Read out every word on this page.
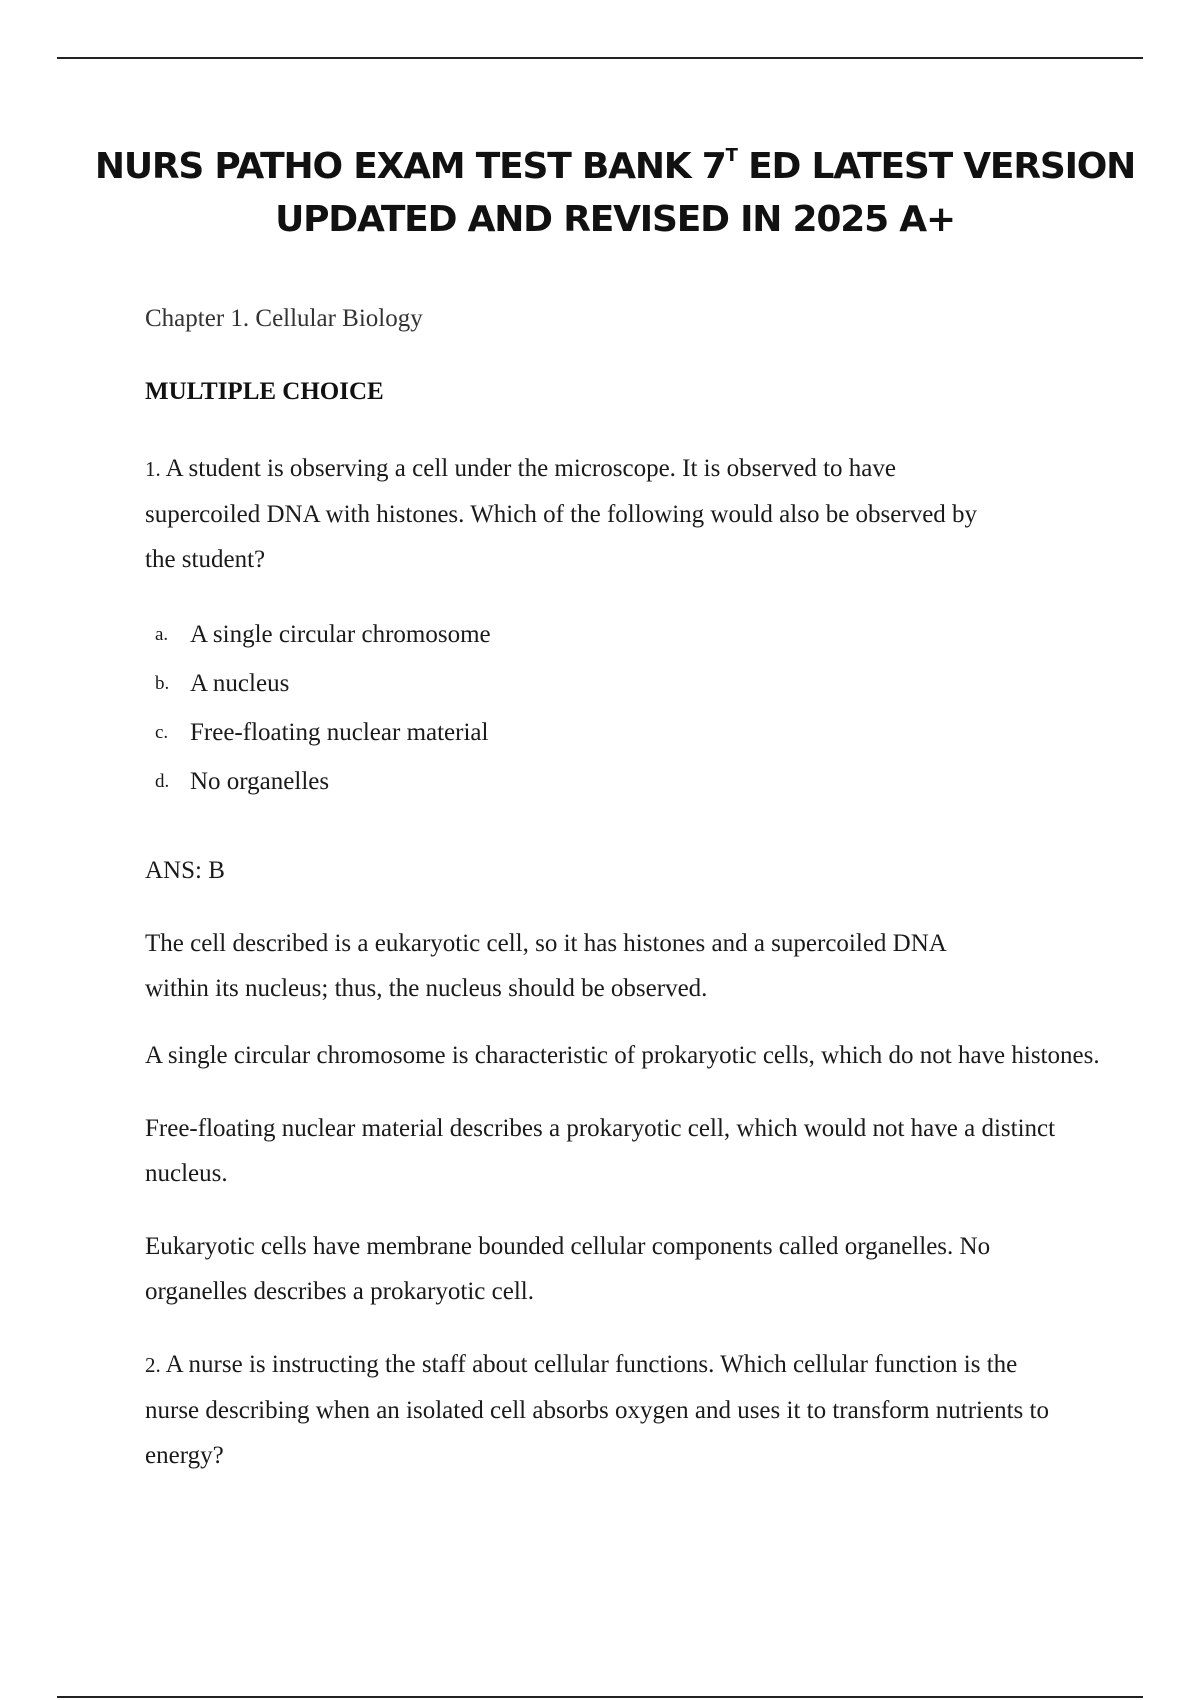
NURS PATHO EXAM TEST BANK $7^T$ ED LATEST VERSION UPDATED AND REVISED IN 2025 A+

Chapter 1. Cellular Biology

MULTIPLE CHOICE

1. A student is observing a cell under the microscope. It is observed to have supercoiled DNA with histones. Which of the following would also be observed by the student?

a. A single circular chromosome
b. A nucleus
c. Free-floating nuclear material
d. No organelles

ANS: B

The cell described is a eukaryotic cell, so it has histones and a supercoiled DNA within its nucleus; thus, the nucleus should be observed.

A single circular chromosome is characteristic of prokaryotic cells, which do not have histones.

Free-floating nuclear material describes a prokaryotic cell, which would not have a distinct nucleus.

Eukaryotic cells have membrane bounded cellular components called organelles. No organelles describes a prokaryotic cell.

2. A nurse is instructing the staff about cellular functions. Which cellular function is the nurse describing when an isolated cell absorbs oxygen and uses it to transform nutrients to energy?
